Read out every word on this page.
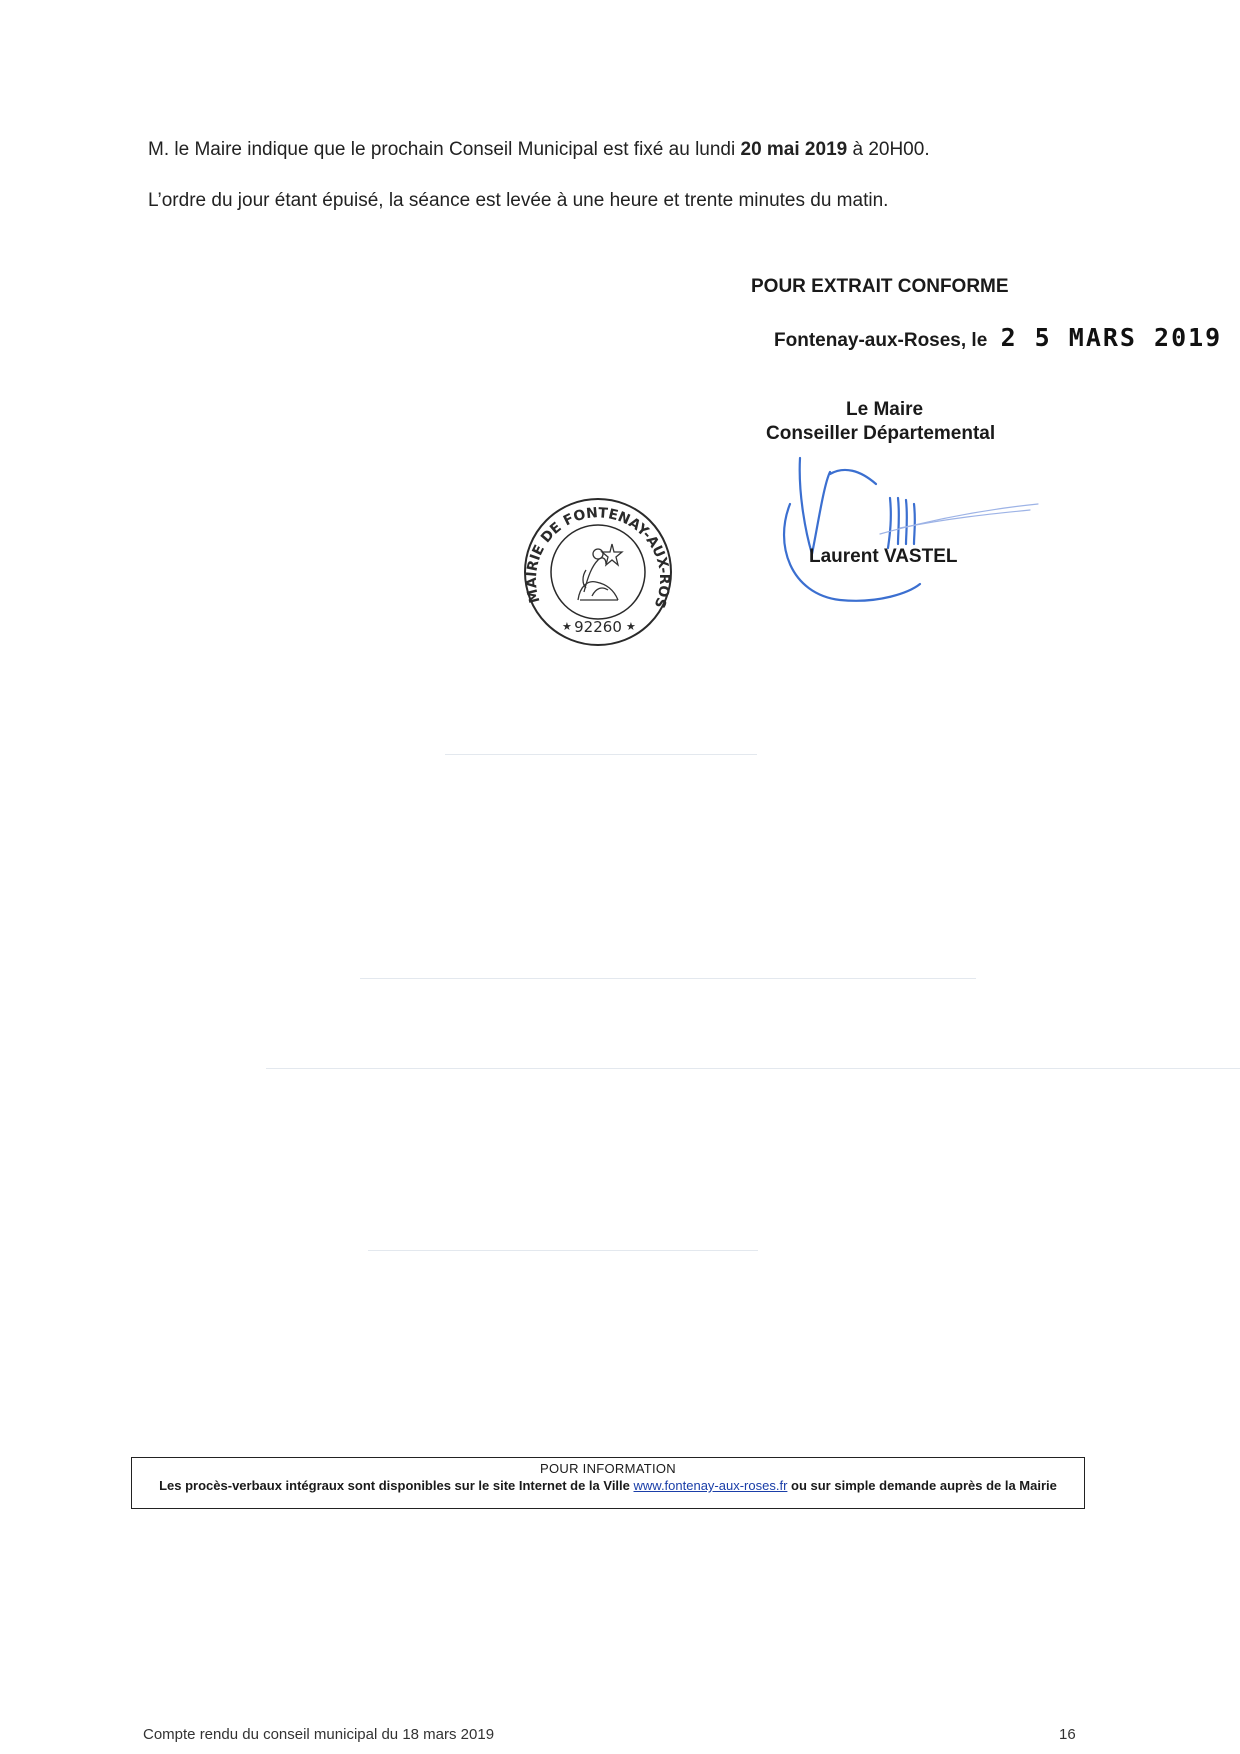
M. le Maire indique que le prochain Conseil Municipal est fixé au lundi 20 mai 2019 à 20H00.
L’ordre du jour étant épuisé, la séance est levée à une heure et trente minutes du matin.
POUR EXTRAIT CONFORME
Fontenay-aux-Roses, le 2 5 MARS 2019
Le Maire
Conseiller Départemental
MAIRIE DE FONTENAY-AUX-ROS
92260
★	★
Laurent VASTEL
POUR INFORMATION
Les procès-verbaux intégraux sont disponibles sur le site Internet de la Ville www.fontenay-aux-roses.fr ou sur simple demande auprès de la Mairie
Compte rendu du conseil municipal du 18 mars 2019	16
